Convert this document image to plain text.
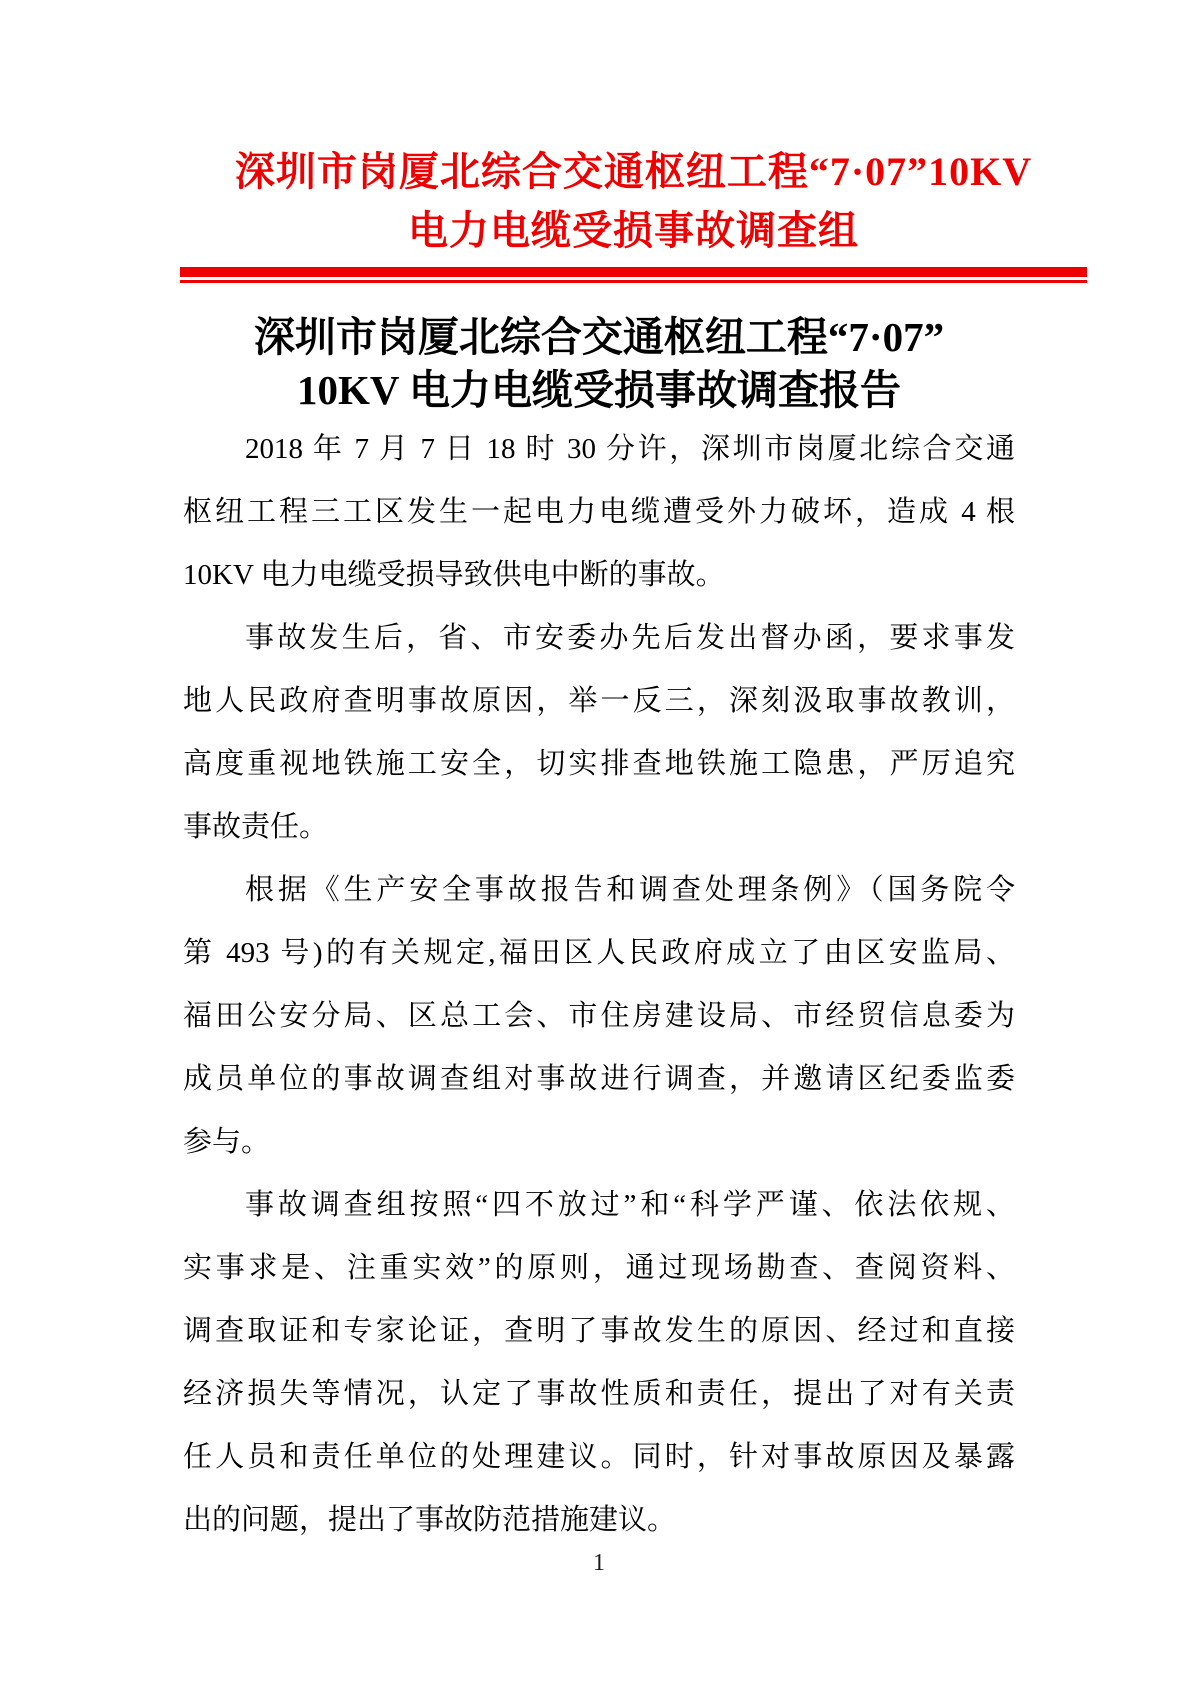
深圳市岗厦北综合交通枢纽工程“7·07”10KV
电力电缆受损事故调查组
深圳市岗厦北综合交通枢纽工程“7·07”
10KV 电力电缆受损事故调查报告
2018 年 7 月 7 日 18 时 30 分许，深圳市岗厦北综合交通
枢纽工程三工区发生一起电力电缆遭受外力破坏，造成 4 根
10KV 电力电缆受损导致供电中断的事故。
事故发生后，省、市安委办先后发出督办函，要求事发
地人民政府查明事故原因，举一反三，深刻汲取事故教训，
高度重视地铁施工安全，切实排查地铁施工隐患，严厉追究
事故责任。
根据《生产安全事故报告和调查处理条例》（国务院令
第 493 号)的有关规定,福田区人民政府成立了由区安监局、
福田公安分局、区总工会、市住房建设局、市经贸信息委为
成员单位的事故调查组对事故进行调查，并邀请区纪委监委
参与。
事故调查组按照“四不放过”和“科学严谨、依法依规、
实事求是、注重实效”的原则，通过现场勘查、查阅资料、
调查取证和专家论证，查明了事故发生的原因、经过和直接
经济损失等情况，认定了事故性质和责任，提出了对有关责
任人员和责任单位的处理建议。同时，针对事故原因及暴露
出的问题，提出了事故防范措施建议。
1
